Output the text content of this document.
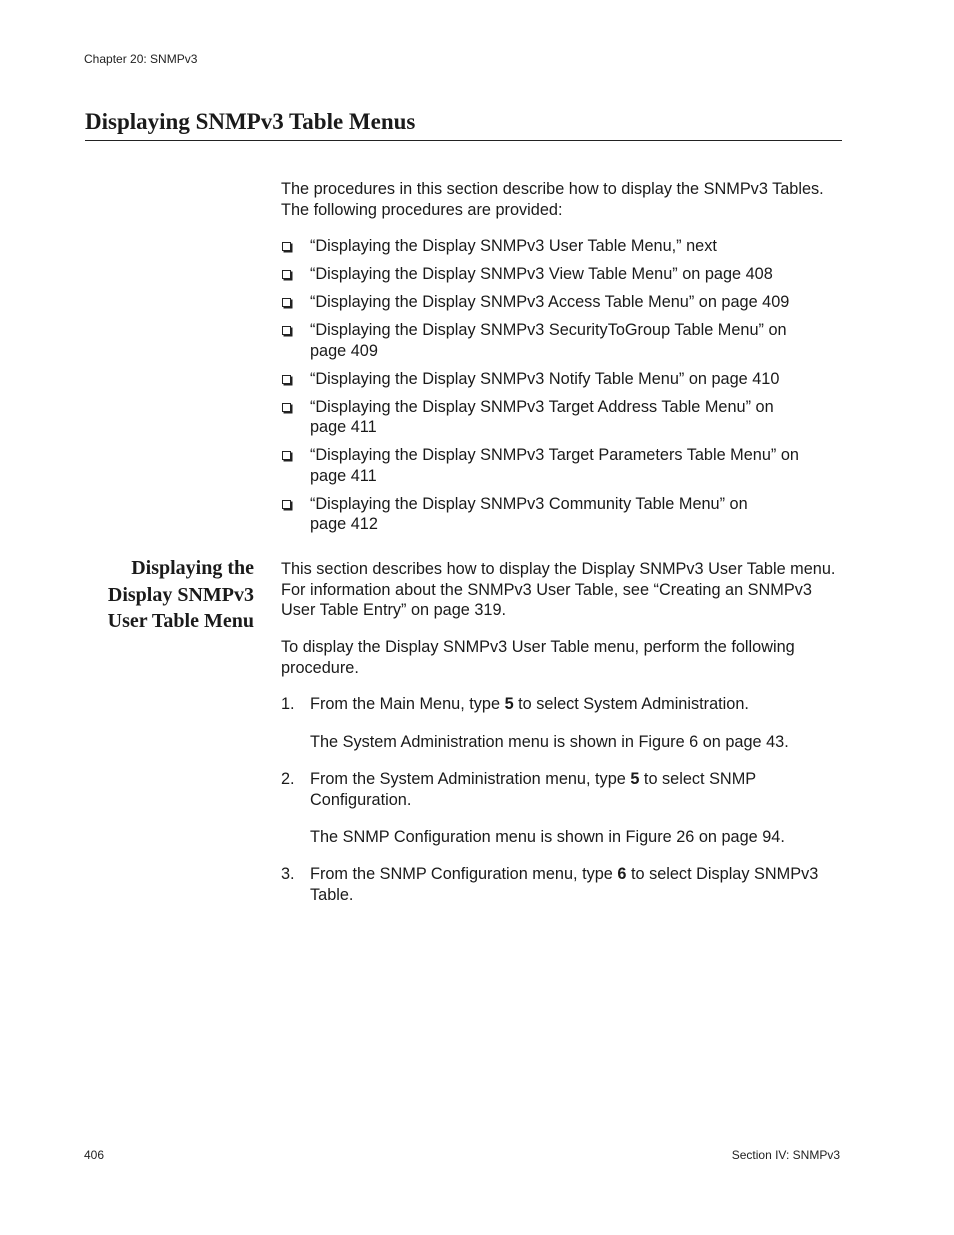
Chapter 20: SNMPv3
Displaying SNMPv3 Table Menus

The procedures in this section describe how to display the SNMPv3 Tables. The following procedures are provided:

“Displaying the Display SNMPv3 User Table Menu,” next
“Displaying the Display SNMPv3 View Table Menu” on page 408
“Displaying the Display SNMPv3 Access Table Menu” on page 409
“Displaying the Display SNMPv3 SecurityToGroup Table Menu” on page 409
“Displaying the Display SNMPv3 Notify Table Menu” on page 410
“Displaying the Display SNMPv3 Target Address Table Menu” on page 411
“Displaying the Display SNMPv3 Target Parameters Table Menu” on page 411
“Displaying the Display SNMPv3 Community Table Menu” on page 412
Displaying the
Display SNMPv3
User Table Menu

This section describes how to display the Display SNMPv3 User Table menu. For information about the SNMPv3 User Table, see “Creating an SNMPv3 User Table Entry” on page 319.

To display the Display SNMPv3 User Table menu, perform the following procedure.

1. From the Main Menu, type 5 to select System Administration.

The System Administration menu is shown in Figure 6 on page 43.

2. From the System Administration menu, type 5 to select SNMP Configuration.

The SNMP Configuration menu is shown in Figure 26 on page 94.

3. From the SNMP Configuration menu, type 6 to select Display SNMPv3 Table.
406	Section IV: SNMPv3
